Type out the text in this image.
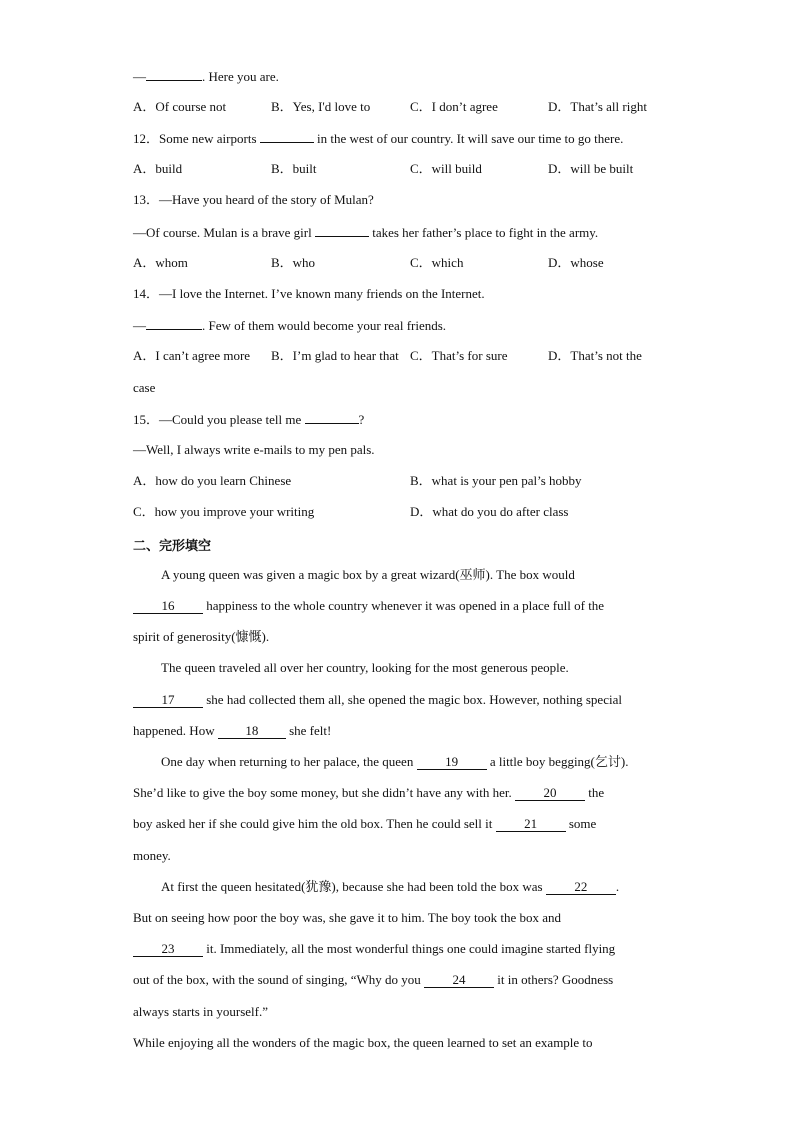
—	. Here you are.
A．Of course not	B．Yes, I'd love to	C．I don’t agree	D．That’s all right
12．Some new airports	in the west of our country. It will save our time to go there.
A．build	B．built	C．will build	D．will be built
13．—Have you heard of the story of Mulan?
—Of course. Mulan is a brave girl	takes her father’s place to fight in the army.
A．whom	B．who	C．which	D．whose
14．—I love the Internet. I’ve known many friends on the Internet.
—	. Few of them would become your real friends.
A．I can’t agree more B．I’m glad to hear that C．That’s for sure	D．That’s not the
case
15．—Could you please tell me	?
—Well, I always write e-mails to my pen pals.
A．how do you learn Chinese	B．what is your pen pal’s hobby
C．how you improve your writing	D．what do you do after class
二、完形填空
A young queen was given a magic box by a great wizard(巫师). The box would
16 happiness to the whole country whenever it was opened in a place full of the
spirit of generosity(慷慨).
The queen traveled all over her country, looking for the most generous people.
17 she had collected them all, she opened the magic box. However, nothing special
happened. How 18 she felt!
One day when returning to her palace, the queen 19 a little boy begging(乞讨).
She’d like to give the boy some money, but she didn’t have any with her. 20 the
boy asked her if she could give him the old box. Then he could sell it 21 some
money.
At first the queen hesitated(犹豫), because she had been told the box was 22 .
But on seeing how poor the boy was, she gave it to him. The boy took the box and
23 it. Immediately, all the most wonderful things one could imagine started flying
out of the box, with the sound of singing, “Why do you 24 it in others? Goodness
always starts in yourself.”
While enjoying all the wonders of the magic box, the queen learned to set an example to
